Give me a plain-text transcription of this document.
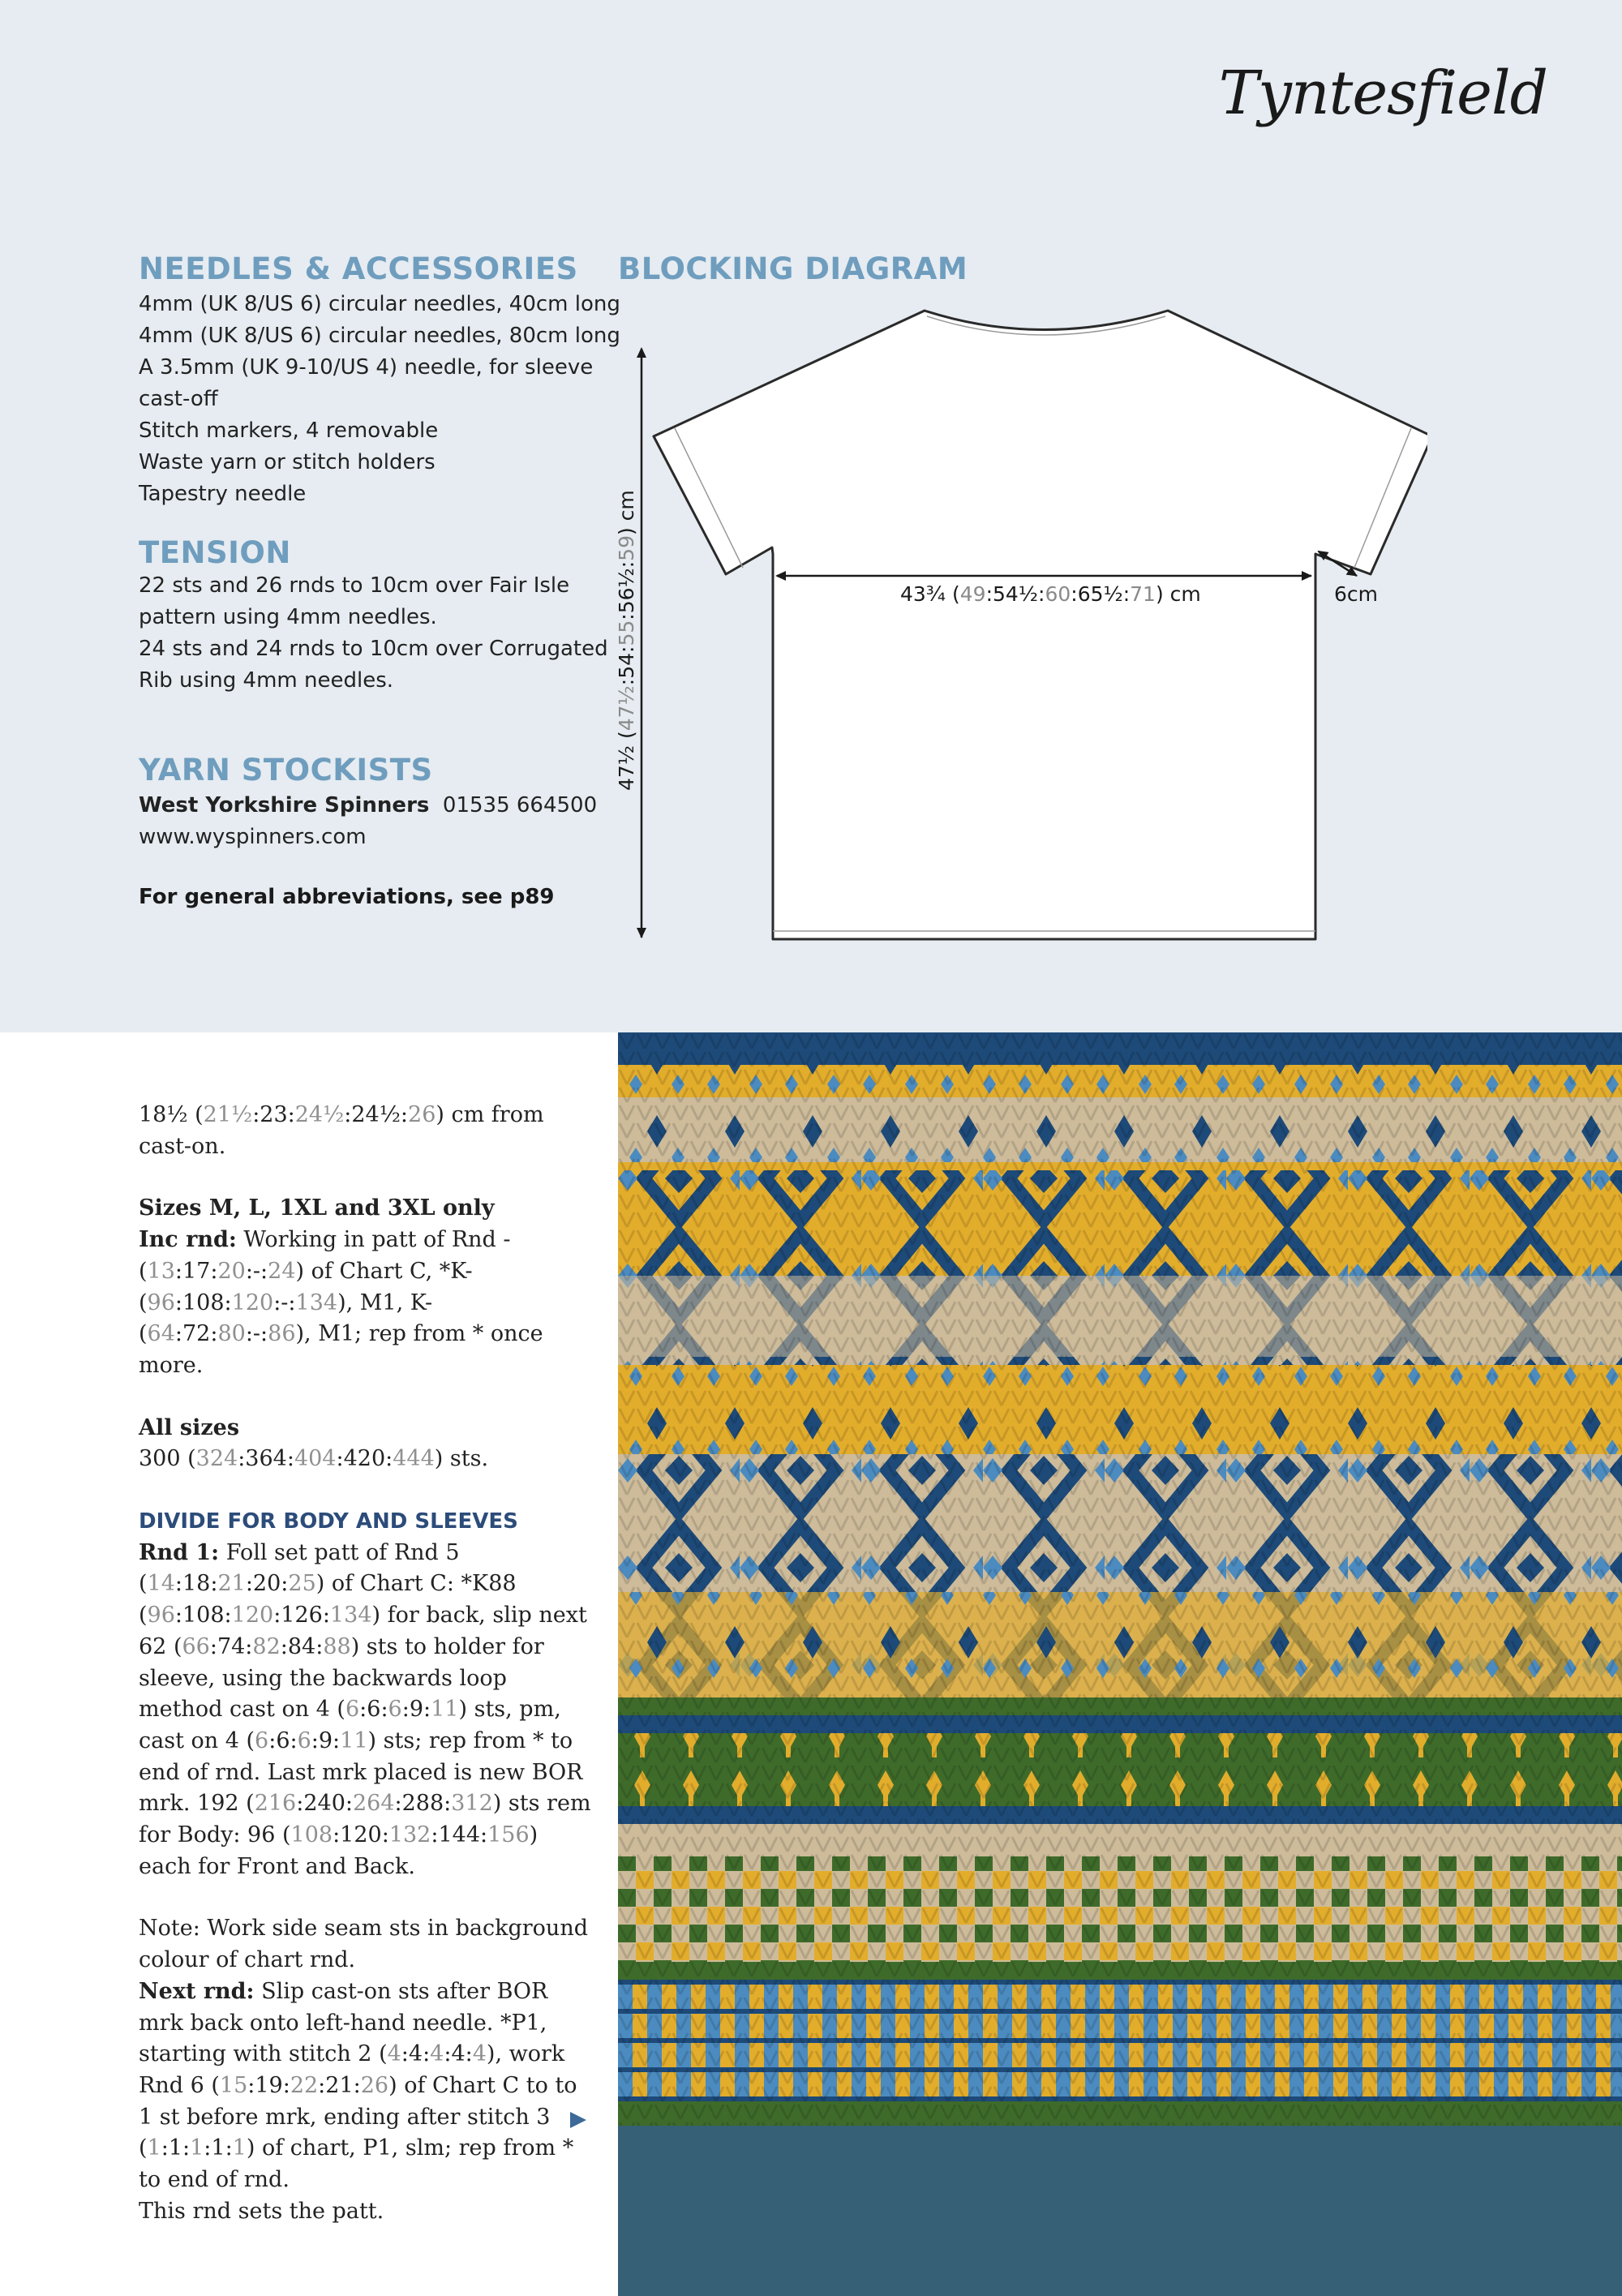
Tyntesfield
NEEDLES & ACCESSORIES
4mm (UK 8/US 6) circular needles, 40cm long
4mm (UK 8/US 6) circular needles, 80cm long
A 3.5mm (UK 9-10/US 4) needle, for sleeve
cast-off
Stitch markers, 4 removable
Waste yarn or stitch holders
Tapestry needle
TENSION
22 sts and 26 rnds to 10cm over Fair Isle
pattern using 4mm needles.
24 sts and 24 rnds to 10cm over Corrugated
Rib using 4mm needles.
YARN STOCKISTS
West Yorkshire Spinners 01535 664500
www.wyspinners.com
For general abbreviations, see p89
BLOCKING DIAGRAM
43¾ (49:54½:60:65½:71) cm	6cm
47½ (47½:54:55:56½:59) cm

18½ (21½:23:24½:24½:26) cm from cast-on.

Sizes M, L, 1XL and 3XL only
Inc rnd: Working in patt of Rnd -(13:17:20:-:24) of Chart C, *K-(96:108:120:-:134), M1, K-(64:72:80:-:86), M1; rep from * once more.

All sizes
300 (324:364:404:420:444) sts.

DIVIDE FOR BODY AND SLEEVES

Rnd 1: Foll set patt of Rnd 5 (14:18:21:20:25) of Chart C: *K88 (96:108:120:126:134) for back, slip next 62 (66:74:82:84:88) sts to holder for sleeve, using the backwards loop method cast on 4 (6:6:6:9:11) sts, pm, cast on 4 (6:6:6:9:11) sts; rep from * to end of rnd. Last mrk placed is new BOR mrk. 192 (216:240:264:288:312) sts rem for Body: 96 (108:120:132:144:156) each for Front and Back.

Note: Work side seam sts in background colour of chart rnd.

Next rnd: Slip cast-on sts after BOR mrk back onto left-hand needle. *P1, starting with stitch 2 (4:4:4:4:4), work Rnd 6 (15:19:22:21:26) of Chart C to to 1 st before mrk, ending after stitch 3 (1:1:1:1:1) of chart, P1, slm; rep from * to end of rnd.

This rnd sets the patt.
